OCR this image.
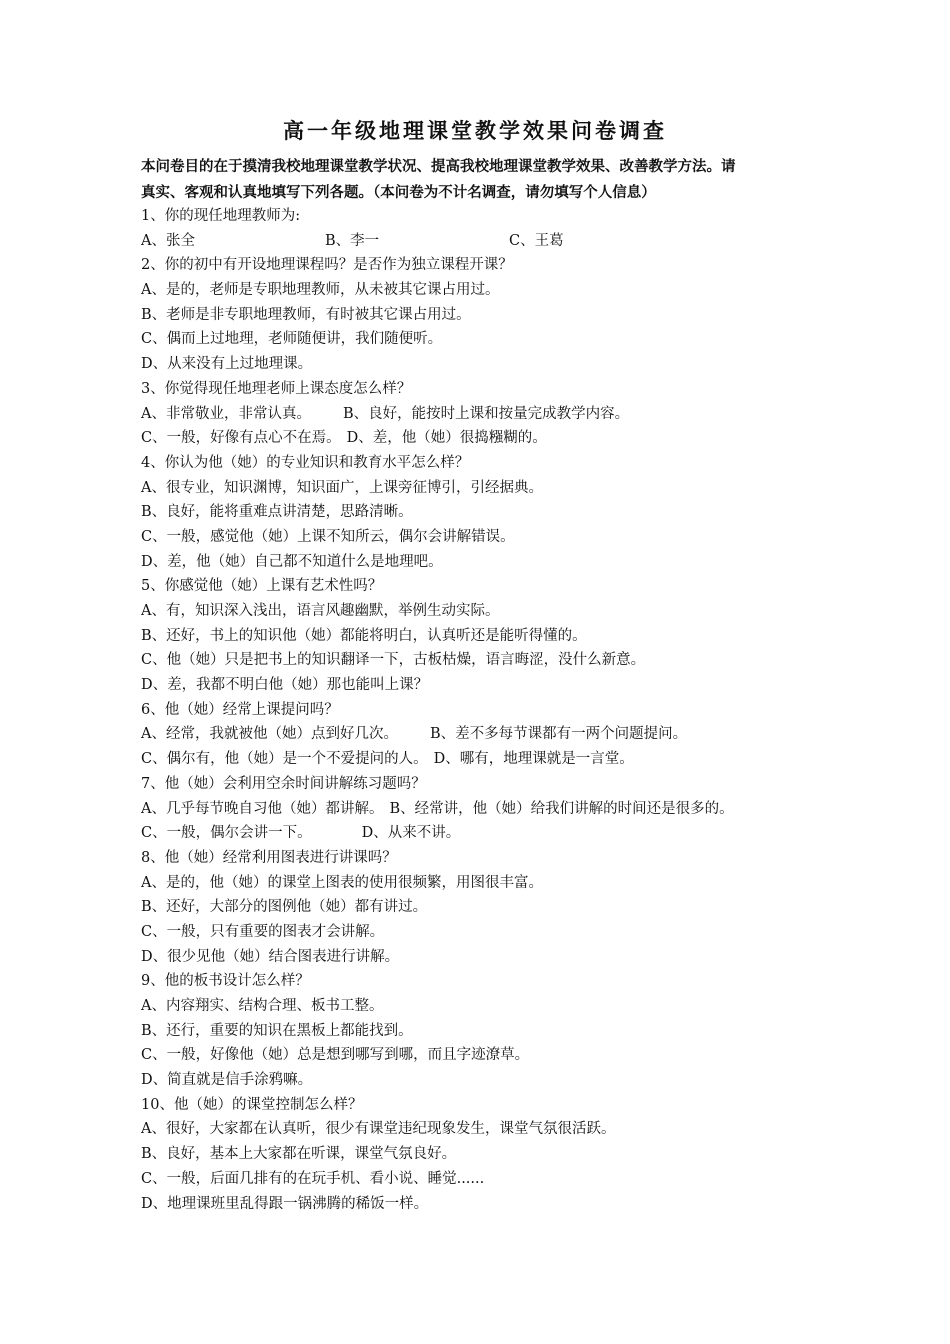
高一年级地理课堂教学效果问卷调查
本问卷目的在于摸清我校地理课堂教学状况、提高我校地理课堂教学效果、改善教学方法。请
真实、客观和认真地填写下列各题。（本问卷为不计名调查，请勿填写个人信息）
1、你的现任地理教师为:
A、张全	B、李一	C、王葛
2、你的初中有开设地理课程吗？是否作为独立课程开课？
A、是的，老师是专职地理教师，从未被其它课占用过。
B、老师是非专职地理教师，有时被其它课占用过。
C、偶而上过地理，老师随便讲，我们随便听。
D、从来没有上过地理课。
3、你觉得现任地理老师上课态度怎么样？
A、非常敬业，非常认真。 B、良好，能按时上课和按量完成教学内容。
C、一般，好像有点心不在焉。 D、差，他（她）很捣糨糊的。
4、你认为他（她）的专业知识和教育水平怎么样？
A、很专业，知识渊博，知识面广，上课旁征博引，引经据典。
B、良好，能将重难点讲清楚，思路清晰。
C、一般，感觉他（她）上课不知所云，偶尔会讲解错误。
D、差，他（她）自己都不知道什么是地理吧。
5、你感觉他（她）上课有艺术性吗？
A、有，知识深入浅出，语言风趣幽默，举例生动实际。
B、还好，书上的知识他（她）都能将明白，认真听还是能听得懂的。
C、他（她）只是把书上的知识翻译一下，古板枯燥，语言晦涩，没什么新意。
D、差，我都不明白他（她）那也能叫上课？
6、他（她）经常上课提问吗？
A、经常，我就被他（她）点到好几次。 B、差不多每节课都有一两个问题提问。
C、偶尔有，他（她）是一个不爱提问的人。 D、哪有，地理课就是一言堂。
7、他（她）会利用空余时间讲解练习题吗？
A、几乎每节晚自习他（她）都讲解。 B、经常讲，他（她）给我们讲解的时间还是很多的。
C、一般，偶尔会讲一下。	D、从来不讲。
8、他（她）经常利用图表进行讲课吗？
A、是的，他（她）的课堂上图表的使用很频繁，用图很丰富。
B、还好，大部分的图例他（她）都有讲过。
C、一般，只有重要的图表才会讲解。
D、很少见他（她）结合图表进行讲解。
9、他的板书设计怎么样？
A、内容翔实、结构合理、板书工整。
B、还行，重要的知识在黑板上都能找到。
C、一般，好像他（她）总是想到哪写到哪，而且字迹潦草。
D、简直就是信手涂鸦嘛。
10、他（她）的课堂控制怎么样？
A、很好，大家都在认真听，很少有课堂违纪现象发生，课堂气氛很活跃。
B、良好，基本上大家都在听课，课堂气氛良好。
C、一般，后面几排有的在玩手机、看小说、睡觉......
D、地理课班里乱得跟一锅沸腾的稀饭一样。
